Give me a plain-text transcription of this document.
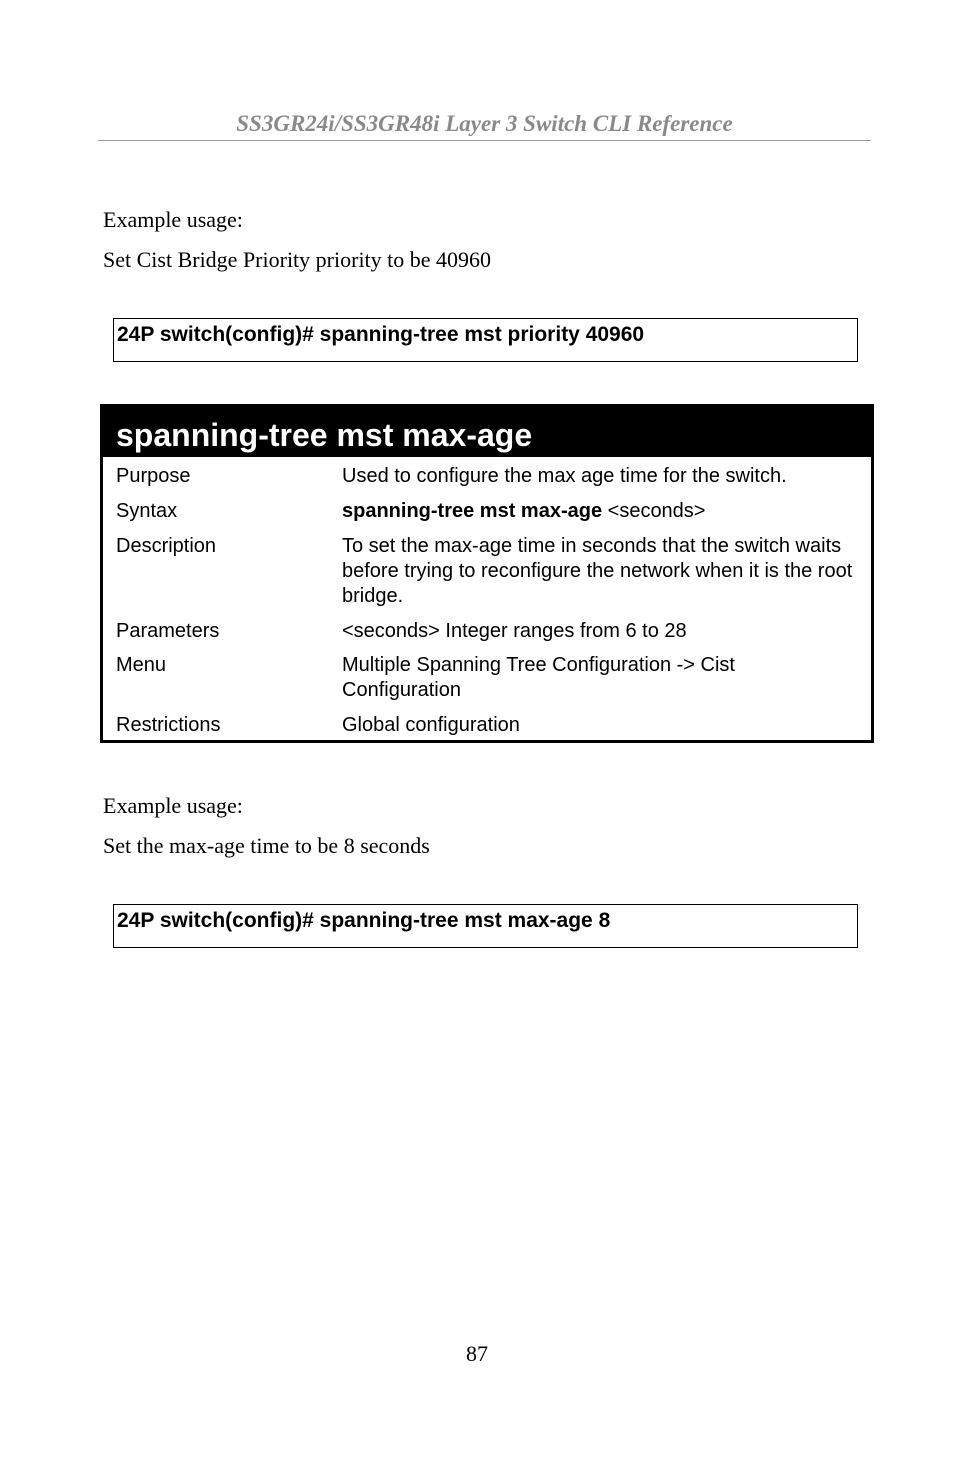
SS3GR24i/SS3GR48i Layer 3 Switch CLI Reference
Example usage:
Set Cist Bridge Priority priority to be 40960
24P switch(config)# spanning-tree mst priority 40960
spanning-tree mst max-age
Purpose	Used to configure the max age time for the switch.
Syntax	spanning-tree mst max-age <seconds>
Description	To set the max-age time in seconds that the switch waits before trying to reconfigure the network when it is the root bridge.
Parameters	<seconds> Integer ranges from 6 to 28
Menu	Multiple Spanning Tree Configuration -> Cist Configuration
Restrictions	Global configuration
Example usage:
Set the max-age time to be 8 seconds
24P switch(config)# spanning-tree mst max-age 8
87
